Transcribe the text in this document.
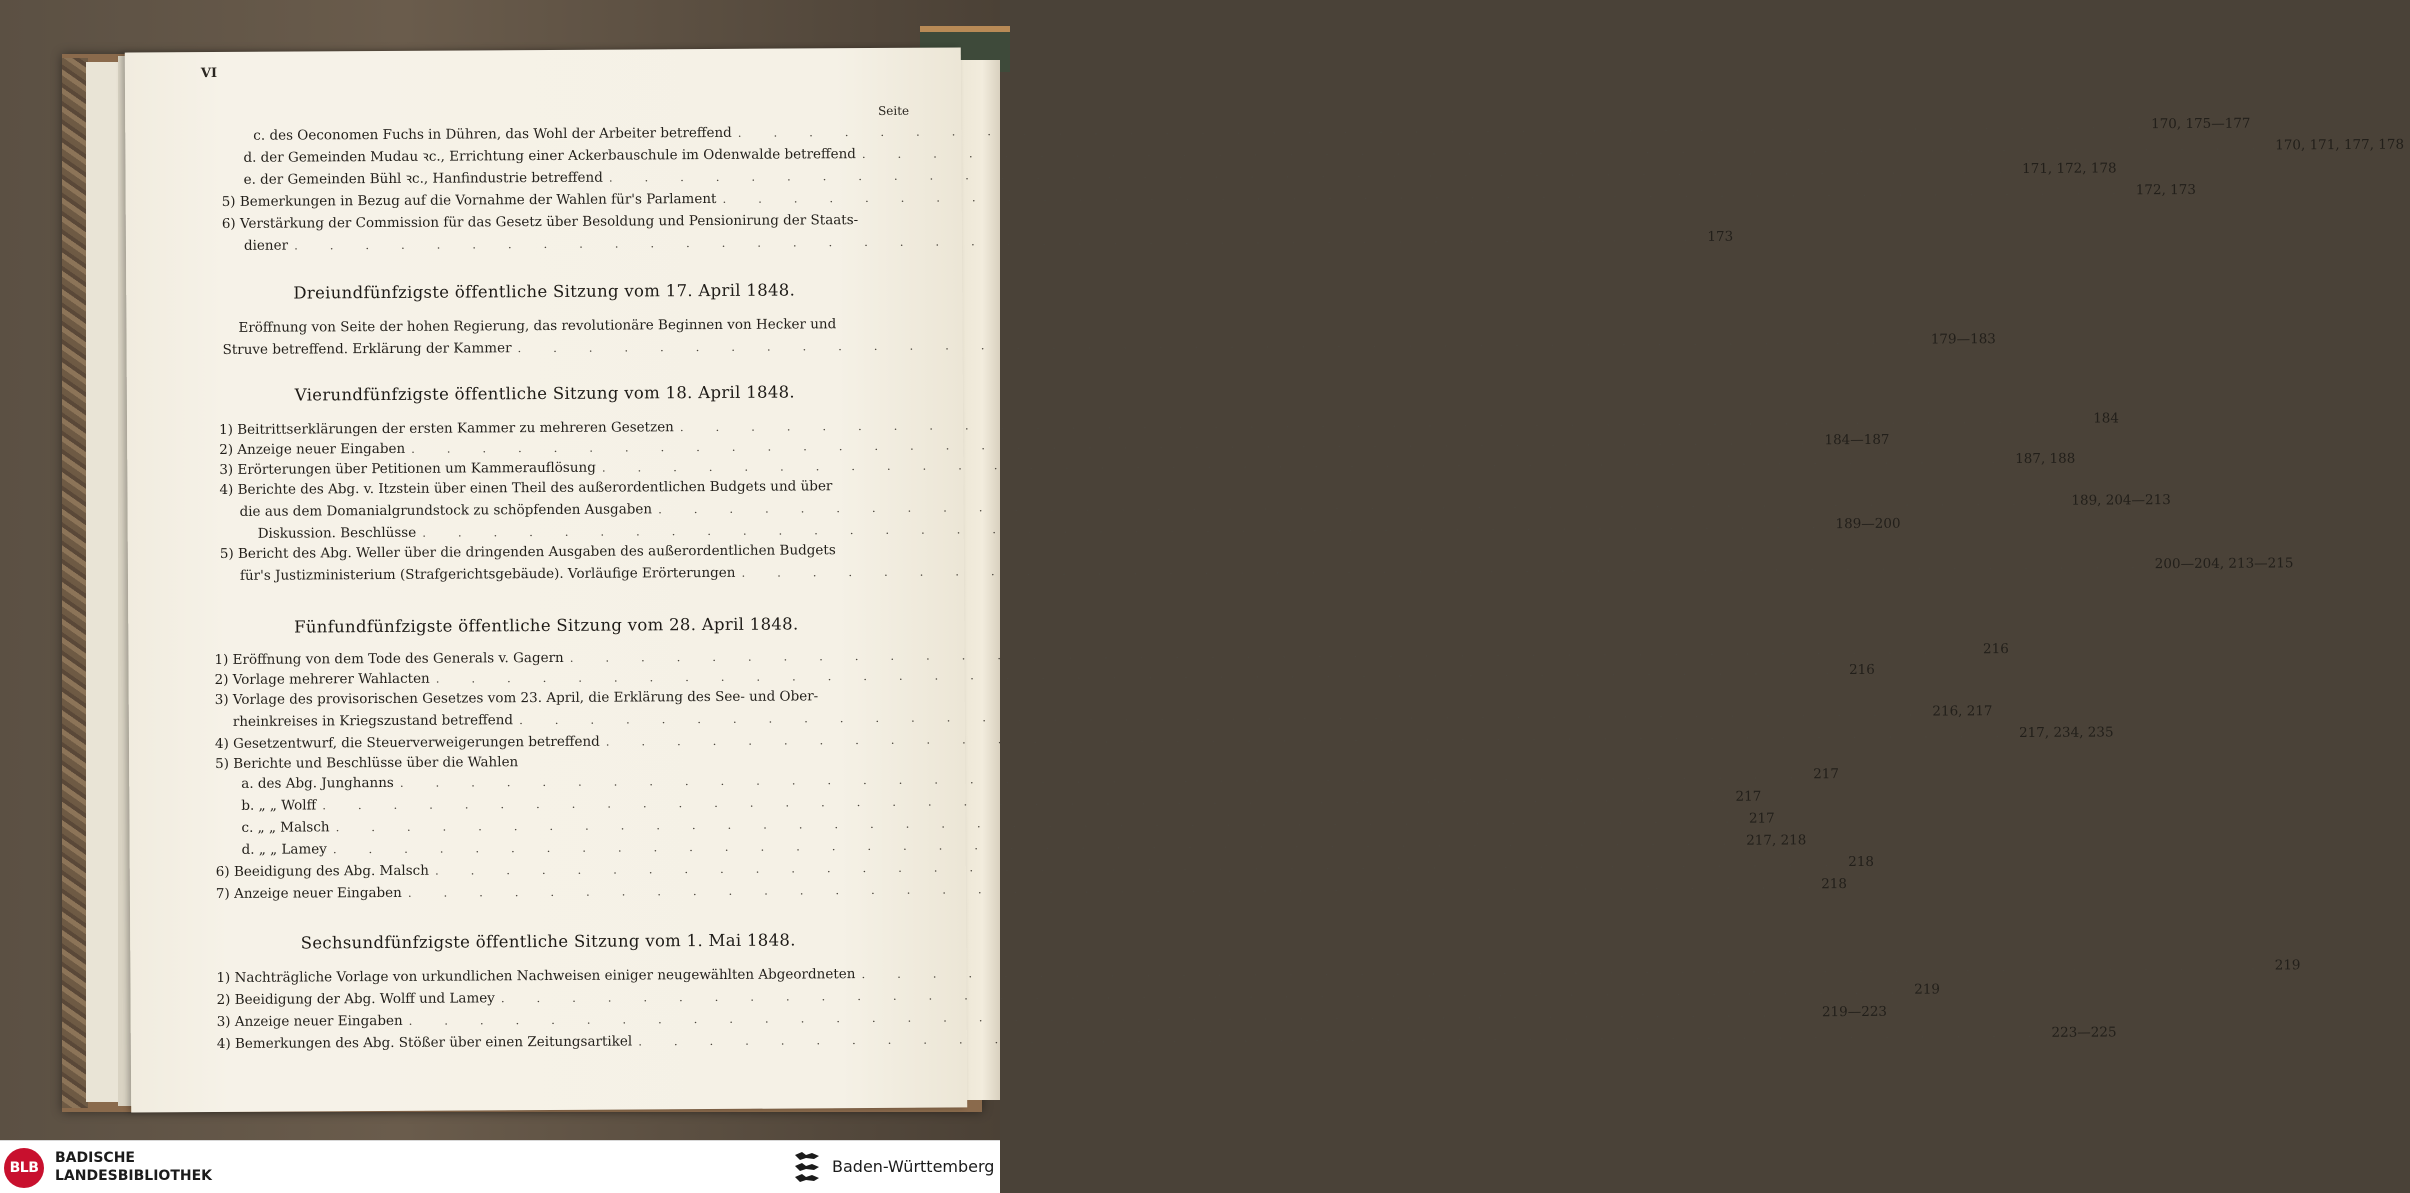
VI
Seite
c. des Oeconomen Fuchs in Dühren, das Wohl der Arbeiter betreffend . . . . . . . . . . . . . . . . . . . . . . . . . . . . . . . . . . . . . . . . 170, 175—177
d. der Gemeinden Mudau ꝛc., Errichtung einer Ackerbauschule im Odenwalde betreffend . . . . . . . . . . . . . . . . . . . . . . . . . . . . . . . . . . . . . . . . 170, 171, 177, 178
e. der Gemeinden Bühl ꝛc., Hanfindustrie betreffend . . . . . . . . . . . . . . . . . . . . . . . . . . . . . . . . . . . . . . . . 171, 172, 178
5) Bemerkungen in Bezug auf die Vornahme der Wahlen für's Parlament . . . . . . . . . . . . . . . . . . . . . . . . . . . . . . . . . . . . . . . . 172, 173
6) Verstärkung der Commission für das Gesetz über Besoldung und Pensionirung der Staats-
diener . . . . . . . . . . . . . . . . . . . . . . . . . . . . . . . . . . . . . . . . 173
Dreiundfünfzigste öffentliche Sitzung vom 17. April 1848.
Eröffnung von Seite der hohen Regierung, das revolutionäre Beginnen von Hecker und
Struve betreffend. Erklärung der Kammer . . . . . . . . . . . . . . . . . . . . . . . . . . . . . . . . . . . . . . . . 179—183
Vierundfünfzigste öffentliche Sitzung vom 18. April 1848.
1) Beitrittserklärungen der ersten Kammer zu mehreren Gesetzen . . . . . . . . . . . . . . . . . . . . . . . . . . . . . . . . . . . . . . . . 184
2) Anzeige neuer Eingaben . . . . . . . . . . . . . . . . . . . . . . . . . . . . . . . . . . . . . . . . 184—187
3) Erörterungen über Petitionen um Kammerauflösung . . . . . . . . . . . . . . . . . . . . . . . . . . . . . . . . . . . . . . . . 187, 188
4) Berichte des Abg. v. Itzstein über einen Theil des außerordentlichen Budgets und über
die aus dem Domanialgrundstock zu schöpfenden Ausgaben . . . . . . . . . . . . . . . . . . . . . . . . . . . . . . . . . . . . . . . . 189, 204—213
Diskussion. Beschlüsse . . . . . . . . . . . . . . . . . . . . . . . . . . . . . . . . . . . . . . . . 189—200
5) Bericht des Abg. Weller über die dringenden Ausgaben des außerordentlichen Budgets
für's Justizministerium (Strafgerichtsgebäude). Vorläufige Erörterungen . . . . . . . . . . . . . . . . . . . . . . . . . . . . . . . . . . . . . . . . 200—204, 213—215
Fünfundfünfzigste öffentliche Sitzung vom 28. April 1848.
1) Eröffnung von dem Tode des Generals v. Gagern . . . . . . . . . . . . . . . . . . . . . . . . . . . . . . . . . . . . . . . . 216
2) Vorlage mehrerer Wahlacten . . . . . . . . . . . . . . . . . . . . . . . . . . . . . . . . . . . . . . . . 216
3) Vorlage des provisorischen Gesetzes vom 23. April, die Erklärung des See- und Ober-
rheinkreises in Kriegszustand betreffend . . . . . . . . . . . . . . . . . . . . . . . . . . . . . . . . . . . . . . . . 216, 217
4) Gesetzentwurf, die Steuerverweigerungen betreffend . . . . . . . . . . . . . . . . . . . . . . . . . . . . . . . . . . . . . . . . 217, 234, 235
5) Berichte und Beschlüsse über die Wahlen
a. des Abg. Junghanns . . . . . . . . . . . . . . . . . . . . . . . . . . . . . . . . . . . . . . . . 217
b. „ „ Wolff . . . . . . . . . . . . . . . . . . . . . . . . . . . . . . . . . . . . . . . . 217
c. „ „ Malsch . . . . . . . . . . . . . . . . . . . . . . . . . . . . . . . . . . . . . . . . 217
d. „ „ Lamey . . . . . . . . . . . . . . . . . . . . . . . . . . . . . . . . . . . . . . . . 217, 218
6) Beeidigung des Abg. Malsch . . . . . . . . . . . . . . . . . . . . . . . . . . . . . . . . . . . . . . . . 218
7) Anzeige neuer Eingaben . . . . . . . . . . . . . . . . . . . . . . . . . . . . . . . . . . . . . . . . 218
Sechsundfünfzigste öffentliche Sitzung vom 1. Mai 1848.
1) Nachträgliche Vorlage von urkundlichen Nachweisen einiger neugewählten Abgeordneten . . . . . . . . . . . . . . . . . . . . . . . . . . . . . . . . . . . . . . . . 219
2) Beeidigung der Abg. Wolff und Lamey . . . . . . . . . . . . . . . . . . . . . . . . . . . . . . . . . . . . . . . . 219
3) Anzeige neuer Eingaben . . . . . . . . . . . . . . . . . . . . . . . . . . . . . . . . . . . . . . . . 219—223
4) Bemerkungen des Abg. Stößer über einen Zeitungsartikel . . . . . . . . . . . . . . . . . . . . . . . . . . . . . . . . . . . . . . . . 223—225
BLB
BADISCHE
LANDESBIBLIOTHEK	Baden-Württemberg
